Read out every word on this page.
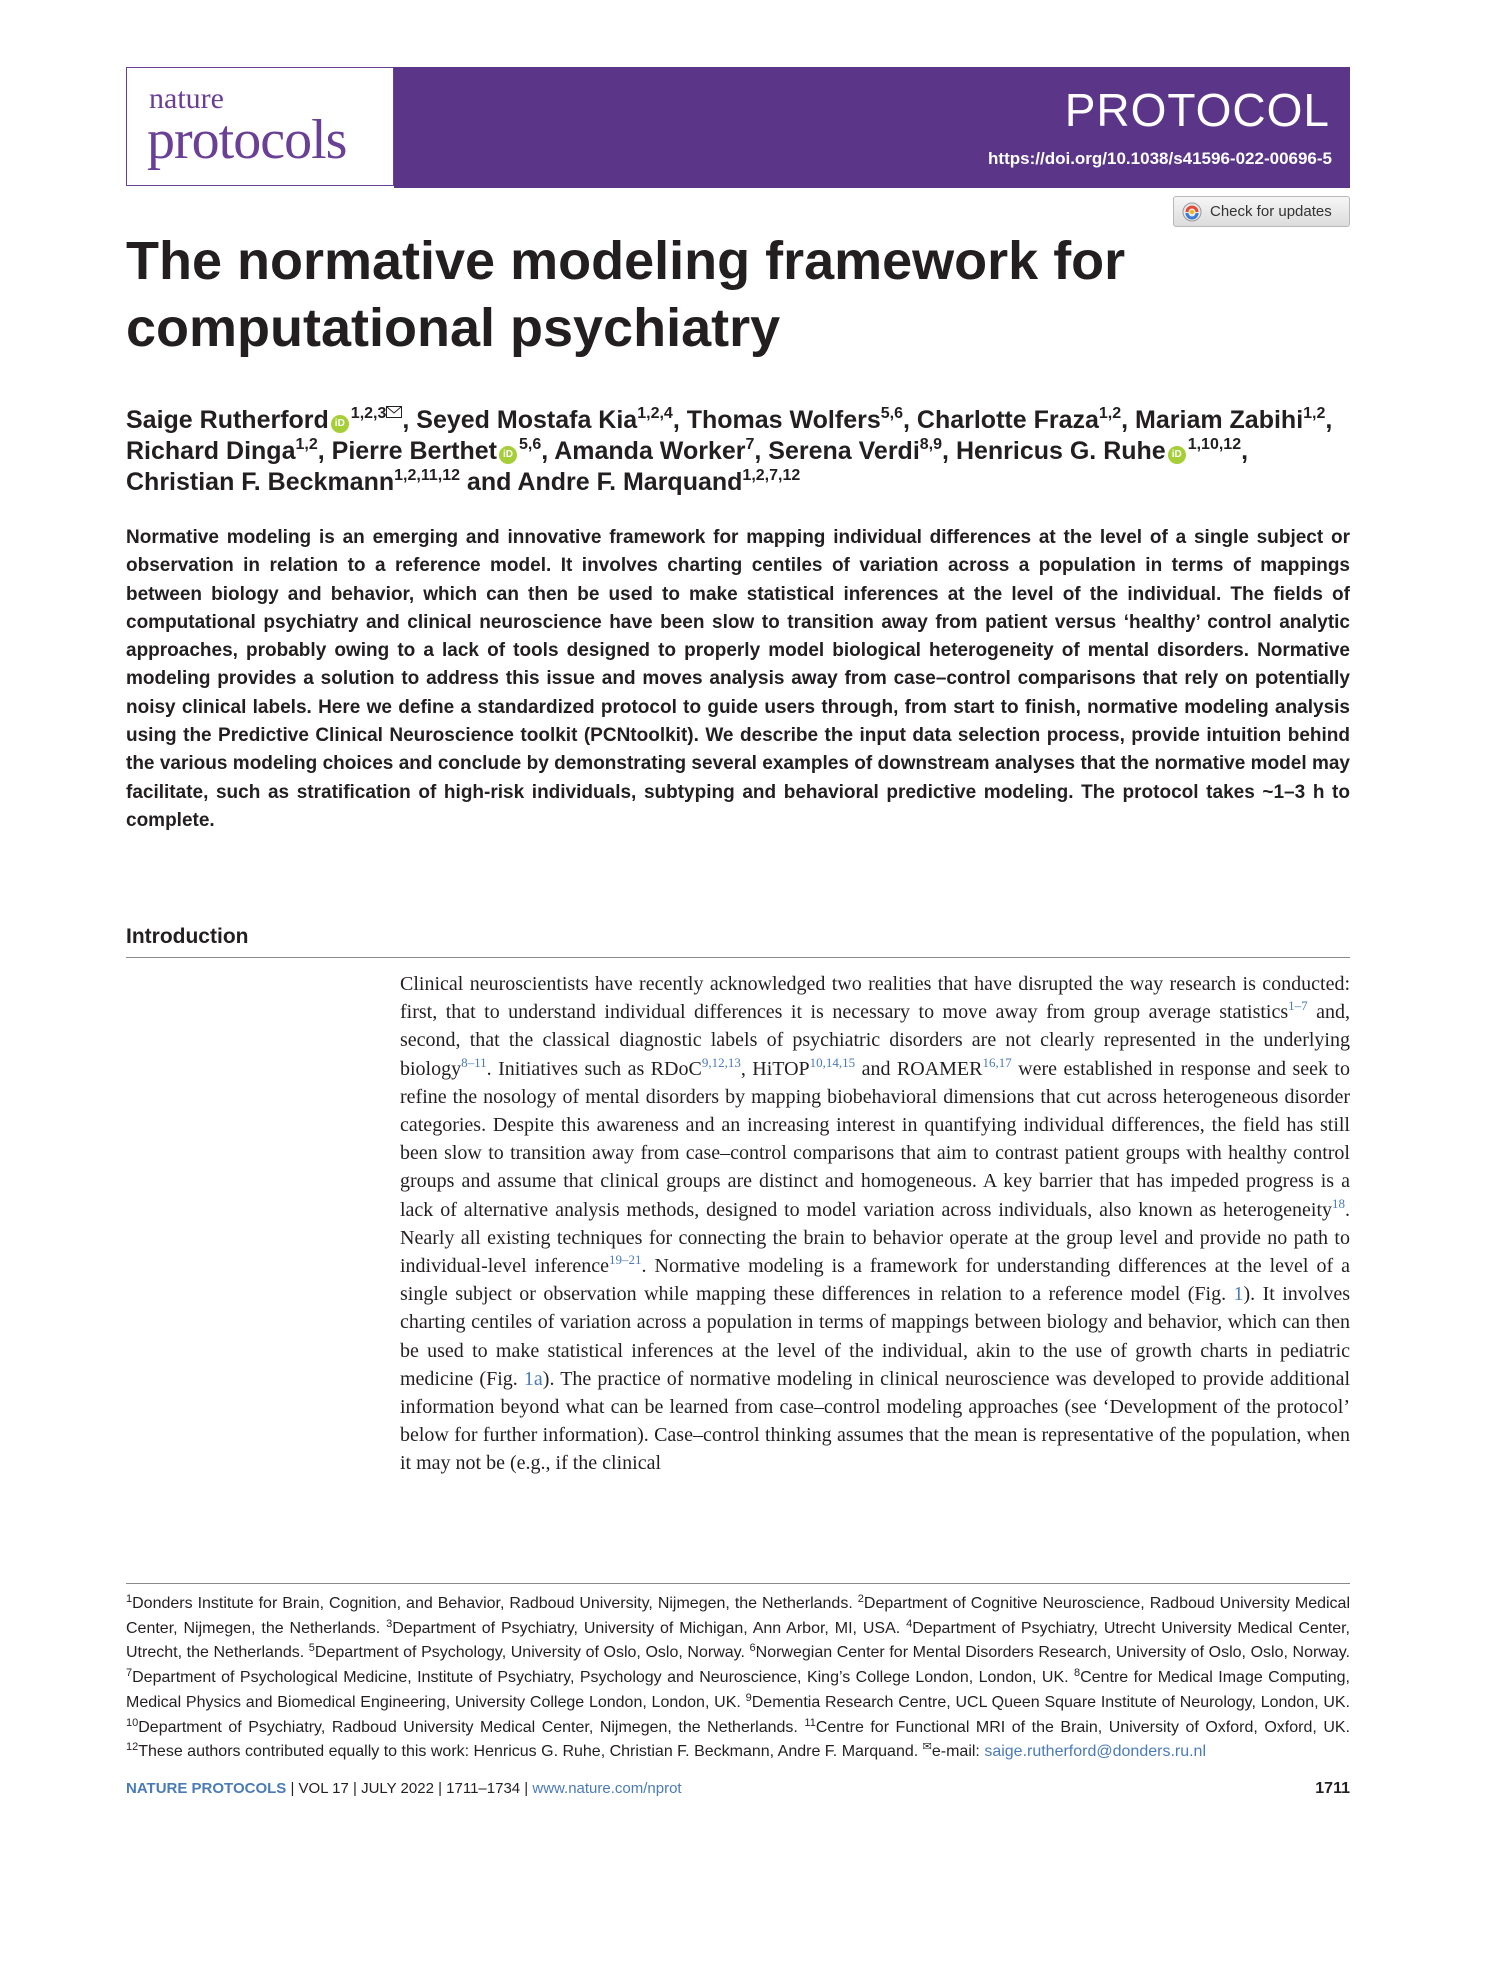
nature
protocols	PROTOCOL
https://doi.org/10.1038/s41596-022-00696-5
Check for updates
The normative modeling framework for computational psychiatry
Saige Rutherford iD$^{1,2,3}$ , Seyed Mostafa Kia$^{1,2,4}$, Thomas Wolfers$^{5,6}$, Charlotte Fraza$^{1,2}$, Mariam Zabihi$^{1,2}$, Richard Dinga$^{1,2}$, Pierre Berthet iD$^{5,6}$, Amanda Worker$^7$, Serena Verdi$^{8,9}$, Henricus G. Ruhe iD$^{1,10,12}$, Christian F. Beckmann$^{1,2,11,12}$ and Andre F. Marquand$^{1,2,7,12}$

Normative modeling is an emerging and innovative framework for mapping individual differences at the level of a single subject or observation in relation to a reference model. It involves charting centiles of variation across a population in terms of mappings between biology and behavior, which can then be used to make statistical inferences at the level of the individual. The fields of computational psychiatry and clinical neuroscience have been slow to transition away from patient versus ‘healthy’ control analytic approaches, probably owing to a lack of tools designed to properly model biological heterogeneity of mental disorders. Normative modeling provides a solution to address this issue and moves analysis away from case–control comparisons that rely on potentially noisy clinical labels. Here we define a standardized protocol to guide users through, from start to finish, normative modeling analysis using the Predictive Clinical Neuroscience toolkit (PCNtoolkit). We describe the input data selection process, provide intuition behind the various modeling choices and conclude by demonstrating several examples of downstream analyses that the normative model may facilitate, such as stratification of high-risk individuals, subtyping and behavioral predictive modeling. The protocol takes ~1–3 h to complete.

Introduction

Clinical neuroscientists have recently acknowledged two realities that have disrupted the way research is conducted: first, that to understand individual differences it is necessary to move away from group average statistics$^{1-7}$ and, second, that the classical diagnostic labels of psychiatric disorders are not clearly represented in the underlying biology$^{8-11}$. Initiatives such as RDoC$^{9,12,13}$, HiTOP$^{10,14,15}$ and ROAMER$^{16,17}$ were established in response and seek to refine the nosology of mental disorders by mapping biobehavioral dimensions that cut across heterogeneous disorder categories. Despite this awareness and an increasing interest in quantifying individual differences, the field has still been slow to transition away from case–control comparisons that aim to contrast patient groups with healthy control groups and assume that clinical groups are distinct and homogeneous. A key barrier that has impeded progress is a lack of alternative analysis methods, designed to model variation across individuals, also known as heterogeneity$^{18}$. Nearly all existing techniques for connecting the brain to behavior operate at the group level and provide no path to individual-level inference$^{19-21}$. Normative modeling is a framework for understanding differences at the level of a single subject or observation while mapping these differences in relation to a reference model (Fig. 1). It involves charting centiles of variation across a population in terms of mappings between biology and behavior, which can then be used to make statistical inferences at the level of the individual, akin to the use of growth charts in pediatric medicine (Fig. 1a). The practice of normative modeling in clinical neuroscience was developed to provide additional information beyond what can be learned from case–control modeling approaches (see ‘Development of the protocol’ below for further information). Case–control thinking assumes that the mean is representative of the population, when it may not be (e.g., if the clinical

$^1$Donders Institute for Brain, Cognition, and Behavior, Radboud University, Nijmegen, the Netherlands. $^2$Department of Cognitive Neuroscience, Radboud University Medical Center, Nijmegen, the Netherlands. $^3$Department of Psychiatry, University of Michigan, Ann Arbor, MI, USA. $^4$Department of Psychiatry, Utrecht University Medical Center, Utrecht, the Netherlands. $^5$Department of Psychology, University of Oslo, Oslo, Norway. $^6$Norwegian Center for Mental Disorders Research, University of Oslo, Oslo, Norway. $^7$Department of Psychological Medicine, Institute of Psychiatry, Psychology and Neuroscience, King’s College London, London, UK. $^8$Centre for Medical Image Computing, Medical Physics and Biomedical Engineering, University College London, London, UK. $^9$Dementia Research Centre, UCL Queen Square Institute of Neurology, London, UK. $^{10}$Department of Psychiatry, Radboud University Medical Center, Nijmegen, the Netherlands. $^{11}$Centre for Functional MRI of the Brain, University of Oxford, Oxford, UK. $^{12}$These authors contributed equally to this work: Henricus G. Ruhe, Christian F. Beckmann, Andre F. Marquand. ✉e-mail: saige.rutherford@donders.ru.nl

NATURE PROTOCOLS | VOL 17 | JULY 2022 | 1711–1734 | www.nature.com/nprot	1711
